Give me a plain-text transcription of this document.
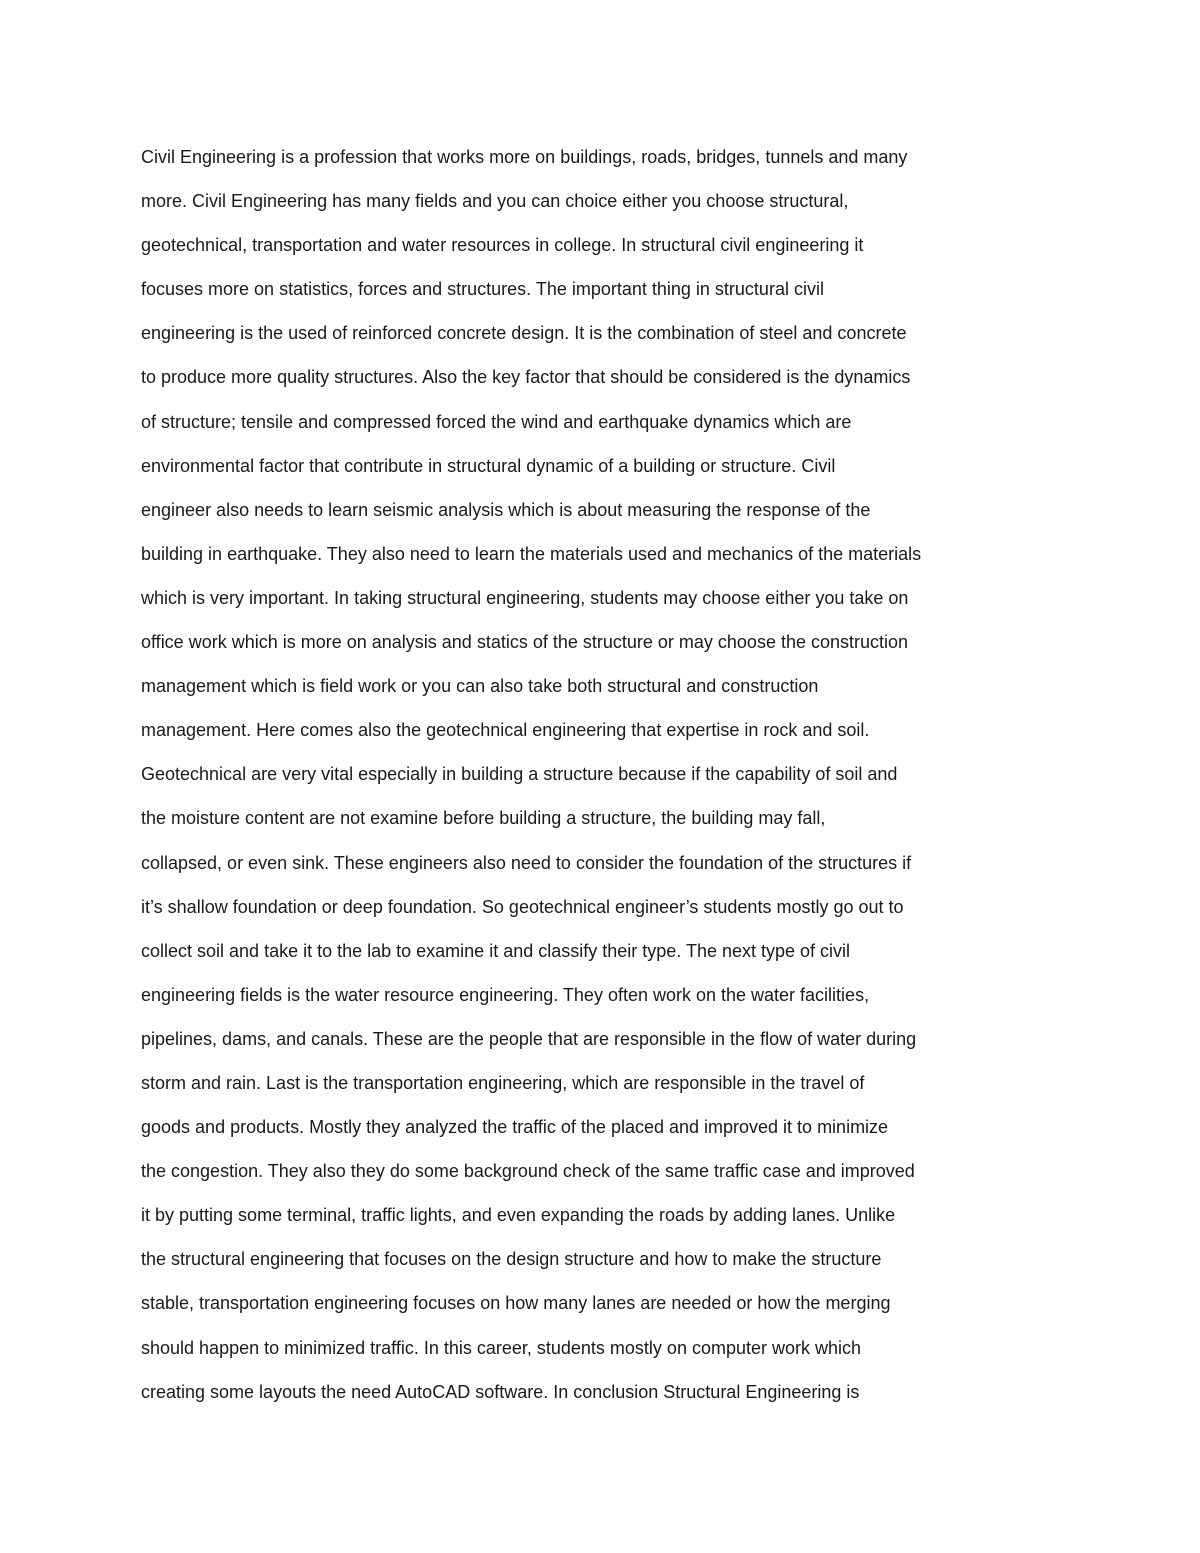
Civil Engineering is a profession that works more on buildings, roads, bridges, tunnels and many
more. Civil Engineering has many fields and you can choice either you choose structural,
geotechnical, transportation and water resources in college. In structural civil engineering it
focuses more on statistics, forces and structures. The important thing in structural civil
engineering is the used of reinforced concrete design. It is the combination of steel and concrete
to produce more quality structures. Also the key factor that should be considered is the dynamics
of structure; tensile and compressed forced the wind and earthquake dynamics which are
environmental factor that contribute in structural dynamic of a building or structure. Civil
engineer also needs to learn seismic analysis which is about measuring the response of the
building in earthquake. They also need to learn the materials used and mechanics of the materials
which is very important. In taking structural engineering, students may choose either you take on
office work which is more on analysis and statics of the structure or may choose the construction
management which is field work or you can also take both structural and construction
management. Here comes also the geotechnical engineering that expertise in rock and soil.
Geotechnical are very vital especially in building a structure because if the capability of soil and
the moisture content are not examine before building a structure, the building may fall,
collapsed, or even sink. These engineers also need to consider the foundation of the structures if
it’s shallow foundation or deep foundation. So geotechnical engineer’s students mostly go out to
collect soil and take it to the lab to examine it and classify their type. The next type of civil
engineering fields is the water resource engineering. They often work on the water facilities,
pipelines, dams, and canals. These are the people that are responsible in the flow of water during
storm and rain. Last is the transportation engineering, which are responsible in the travel of
goods and products. Mostly they analyzed the traffic of the placed and improved it to minimize
the congestion. They also they do some background check of the same traffic case and improved
it by putting some terminal, traffic lights, and even expanding the roads by adding lanes. Unlike
the structural engineering that focuses on the design structure and how to make the structure
stable, transportation engineering focuses on how many lanes are needed or how the merging
should happen to minimized traffic. In this career, students mostly on computer work which
creating some layouts the need AutoCAD software. In conclusion Structural Engineering is
